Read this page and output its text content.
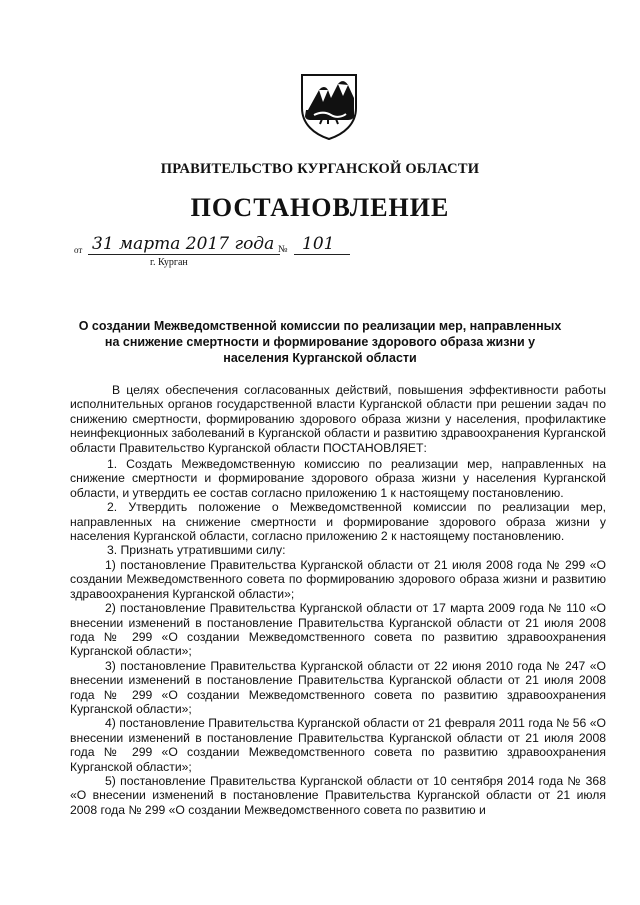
ПРАВИТЕЛЬСТВО КУРГАНСКОЙ ОБЛАСТИ
ПОСТАНОВЛЕНИЕ
от 31 марта 2017 года № 101
г. Курган
О создании Межведомственной комиссии по реализации мер, направленных на снижение смертности и формирование здорового образа жизни у населения Курганской области

В целях обеспечения согласованных действий, повышения эффективности работы исполнительных органов государственной власти Курганской области при решении задач по снижению смертности, формированию здорового образа жизни у населения, профилактике неинфекционных заболеваний в Курганской области и развитию здравоохранения Курганской области Правительство Курганской области ПОСТАНОВЛЯЕТ:

1. Создать Межведомственную комиссию по реализации мер, направленных на снижение смертности и формирование здорового образа жизни у населения Курганской области, и утвердить ее состав согласно приложению 1 к настоящему постановлению.

2. Утвердить положение о Межведомственной комиссии по реализации мер, направленных на снижение смертности и формирование здорового образа жизни у населения Курганской области, согласно приложению 2 к настоящему постановлению.

3. Признать утратившими силу:

1) постановление Правительства Курганской области от 21 июля 2008 года № 299 «О создании Межведомственного совета по формированию здорового образа жизни и развитию здравоохранения Курганской области»;

2) постановление Правительства Курганской области от 17 марта 2009 года № 110 «О внесении изменений в постановление Правительства Курганской области от 21 июля 2008 года № 299 «О создании Межведомственного совета по развитию здравоохранения Курганской области»;

3) постановление Правительства Курганской области от 22 июня 2010 года № 247 «О внесении изменений в постановление Правительства Курганской области от 21 июля 2008 года № 299 «О создании Межведомственного совета по развитию здравоохранения Курганской области»;

4) постановление Правительства Курганской области от 21 февраля 2011 года № 56 «О внесении изменений в постановление Правительства Курганской области от 21 июля 2008 года № 299 «О создании Межведомственного совета по развитию здравоохранения Курганской области»;

5) постановление Правительства Курганской области от 10 сентября 2014 года № 368 «О внесении изменений в постановление Правительства Курганской области от 21 июля 2008 года № 299 «О создании Межведомственного совета по развитию и
